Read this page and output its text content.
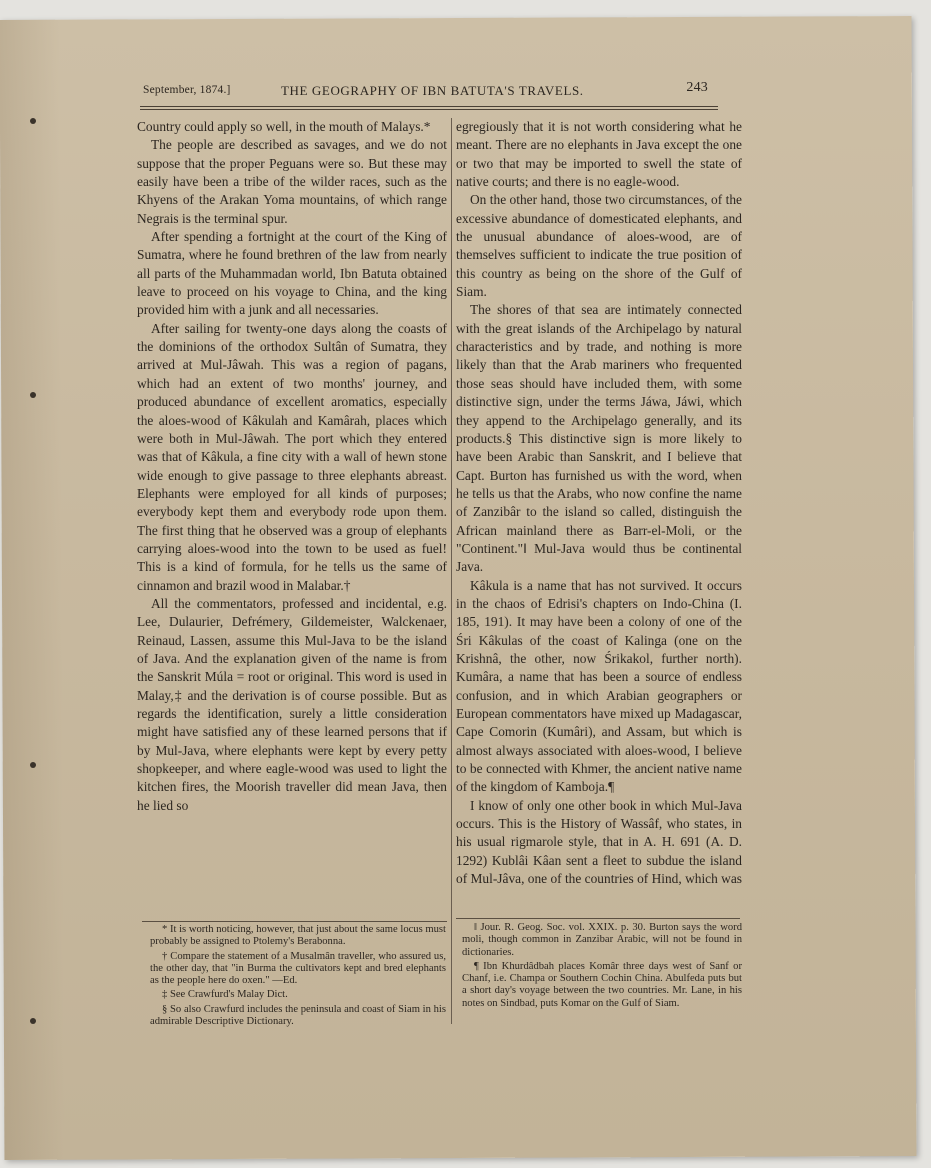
September, 1874.]	THE GEOGRAPHY OF IBN BATUTA'S TRAVELS.	243

Country could apply so well, in the mouth of Malays.*

The people are described as savages, and we do not suppose that the proper Peguans were so. But these may easily have been a tribe of the wilder races, such as the Khyens of the Arakan Yoma mountains, of which range Negrais is the terminal spur.

After spending a fortnight at the court of the King of Sumatra, where he found brethren of the law from nearly all parts of the Muhammadan world, Ibn Batuta obtained leave to proceed on his voyage to China, and the king provided him with a junk and all necessaries.

After sailing for twenty-one days along the coasts of the dominions of the orthodox Sultân of Sumatra, they arrived at Mul-Jâwah. This was a region of pagans, which had an extent of two months' journey, and produced abundance of excellent aromatics, especially the aloes-wood of Kâkulah and Kamârah, places which were both in Mul-Jâwah. The port which they entered was that of Kâkula, a fine city with a wall of hewn stone wide enough to give passage to three elephants abreast. Elephants were employed for all kinds of purposes; everybody kept them and everybody rode upon them. The first thing that he observed was a group of elephants carrying aloes-wood into the town to be used as fuel! This is a kind of formula, for he tells us the same of cinnamon and brazil wood in Malabar.†

All the commentators, professed and incidental, e.g. Lee, Dulaurier, Defrémery, Gildemeister, Walckenaer, Reinaud, Lassen, assume this Mul-Java to be the island of Java. And the explanation given of the name is from the Sanskrit Múla = root or original. This word is used in Malay,‡ and the derivation is of course possible. But as regards the identification, surely a little consideration might have satisfied any of these learned persons that if by Mul-Java, where elephants were kept by every petty shopkeeper, and where eagle-wood was used to light the kitchen fires, the Moorish traveller did mean Java, then he lied so

egregiously that it is not worth considering what he meant. There are no elephants in Java except the one or two that may be imported to swell the state of native courts; and there is no eagle-wood.

On the other hand, those two circumstances, of the excessive abundance of domesticated elephants, and the unusual abundance of aloes-wood, are of themselves sufficient to indicate the true position of this country as being on the shore of the Gulf of Siam.

The shores of that sea are intimately connected with the great islands of the Archipelago by natural characteristics and by trade, and nothing is more likely than that the Arab mariners who frequented those seas should have included them, with some distinctive sign, under the terms Jáwa, Jáwi, which they append to the Archipelago generally, and its products.§ This distinctive sign is more likely to have been Arabic than Sanskrit, and I believe that Capt. Burton has furnished us with the word, when he tells us that the Arabs, who now confine the name of Zanzibâr to the island so called, distinguish the African mainland there as Barr-el-Moli, or the "Continent."‖ Mul-Java would thus be continental Java.

Kâkula is a name that has not survived. It occurs in the chaos of Edrisi's chapters on Indo-China (I. 185, 191). It may have been a colony of one of the Śri Kâkulas of the coast of Kalinga (one on the Krishnâ, the other, now Śrikakol, further north). Kumâra, a name that has been a source of endless confusion, and in which Arabian geographers or European commentators have mixed up Madagascar, Cape Comorin (Kumâri), and Assam, but which is almost always associated with aloes-wood, I believe to be connected with Khmer, the ancient native name of the kingdom of Kamboja.¶

I know of only one other book in which Mul-Java occurs. This is the History of Wassâf, who states, in his usual rigmarole style, that in A. H. 691 (A. D. 1292) Kublâi Kâan sent a fleet to subdue the island of Mul-Jâva, one of the countries of Hind, which was

* It is worth noticing, however, that just about the same locus must probably be assigned to Ptolemy's Berabonna.

† Compare the statement of a Musalmân traveller, who assured us, the other day, that "in Burma the cultivators kept and bred elephants as the people here do oxen." —Ed.

‡ See Crawfurd's Malay Dict.

§ So also Crawfurd includes the peninsula and coast of Siam in his admirable Descriptive Dictionary.

‖ Jour. R. Geog. Soc. vol. XXIX. p. 30. Burton says the word moli, though common in Zanzibar Arabic, will not be found in dictionaries.

¶ Ibn Khurdâdbah places Komâr three days west of Sanf or Chanf, i.e. Champa or Southern Cochin China. Abulfeda puts but a short day's voyage between the two countries. Mr. Lane, in his notes on Sindbad, puts Komar on the Gulf of Siam.
